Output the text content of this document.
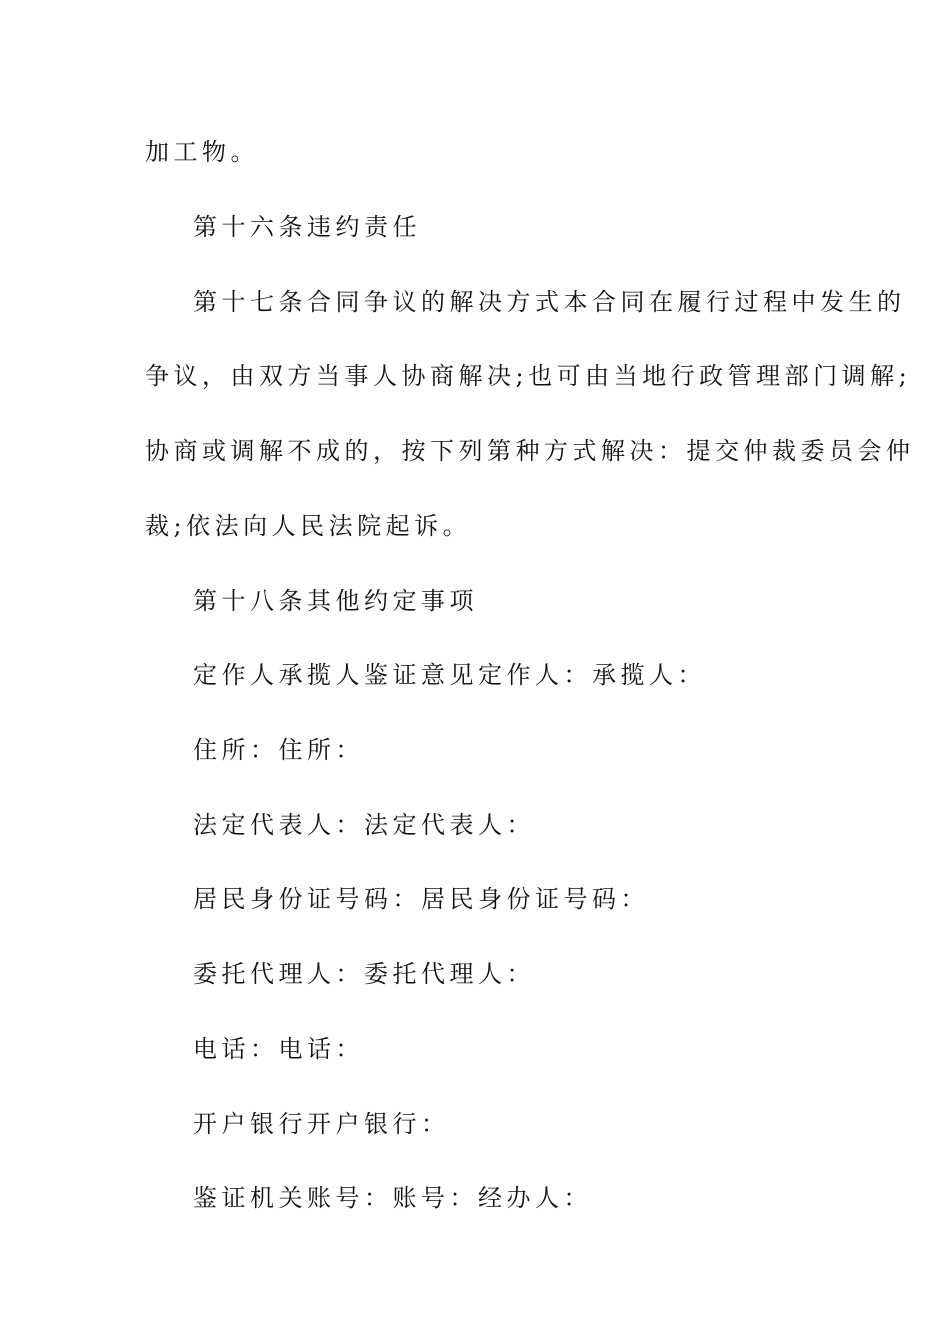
加工物。
第十六条违约责任
第十七条合同争议的解决方式本合同在履行过程中发生的
争议，由双方当事人协商解决;也可由当地行政管理部门调解;
协商或调解不成的，按下列第种方式解决：提交仲裁委员会仲
裁;依法向人民法院起诉。
第十八条其他约定事项
定作人承揽人鉴证意见定作人：承揽人：
住所：住所：
法定代表人：法定代表人：
居民身份证号码：居民身份证号码：
委托代理人：委托代理人：
电话：电话：
开户银行开户银行：
鉴证机关账号：账号：经办人：
